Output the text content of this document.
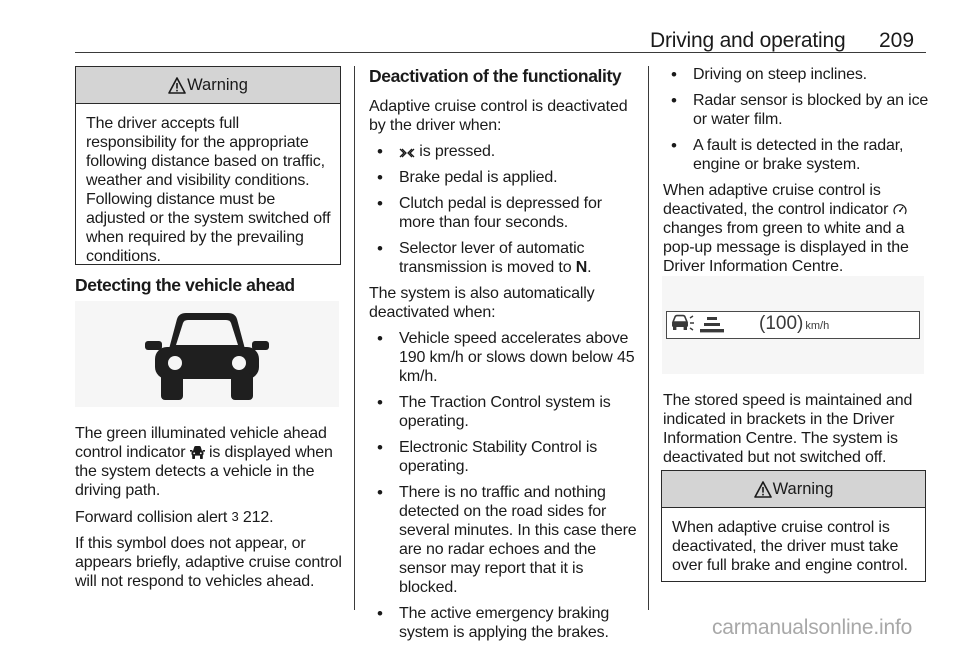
Driving and operating 209
Warning
The driver accepts full responsibility for the appropriate following distance based on traffic, weather and visibility conditions. Following distance must be adjusted or the system switched off when required by the prevailing conditions.
Detecting the vehicle ahead

The green illuminated vehicle ahead control indicator  is displayed when the system detects a vehicle in the driving path.

Forward collision alert 3 212.

If this symbol does not appear, or appears briefly, adaptive cruise control will not respond to vehicles ahead.

Deactivation of the functionality

Adaptive cruise control is deactivated by the driver when:

• is pressed.
• Brake pedal is applied.
• Clutch pedal is depressed for more than four seconds.
• Selector lever of automatic transmission is moved to N.

The system is also automatically deactivated when:

• Vehicle speed accelerates above 190 km/h or slows down below 45 km/h.
• The Traction Control system is operating.
• Electronic Stability Control is operating.
• There is no traffic and nothing detected on the road sides for several minutes. In this case there are no radar echoes and the sensor may report that it is blocked.
• The active emergency braking system is applying the brakes.
• Driving on steep inclines.
• Radar sensor is blocked by an ice or water film.
• A fault is detected in the radar, engine or brake system.

When adaptive cruise control is deactivated, the control indicator  changes from green to white and a pop-up message is displayed in the Driver Information Centre.

(100) km/h

The stored speed is maintained and indicated in brackets in the Driver Information Centre. The system is deactivated but not switched off.

Warning
When adaptive cruise control is deactivated, the driver must take over full brake and engine control.
carmanualsonline.info
